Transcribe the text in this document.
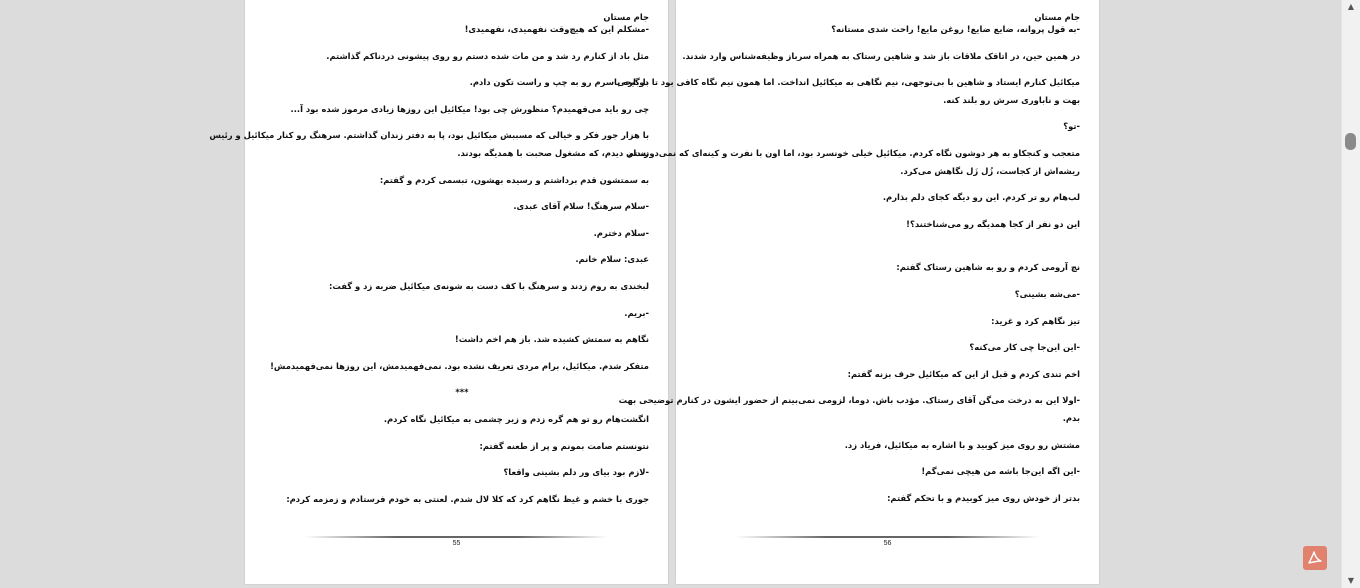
جام مستان

-مشکلم این که هیچ‌وقت نفهمیدی، نفهمیدی!

مثل باد از کنارم رد شد و من مات شده دستم رو روی پیشونی دردناکم گذاشتم.

با گیجی سرم رو به چپ و راست تکون دادم.

چی رو باید می‌فهمیدم؟ منظورش چی بود! میکائیل این روزها زیادی مرموز شده بود آ...

با هزار جور فکر و خیالی که مسببش میکائیل بود، پا به دفتر زندان گذاشتم. سرهنگ رو کنار میکائیل و رئیس

زندان دیدم، که مشغول صحبت با همدیگه بودند.

به سمتشون قدم برداشتم و رسیده بهشون، تبسمی کردم و گفتم:

-سلام سرهنگ! سلام آقای عبدی.

-سلام دخترم.

عبدی: سلام خانم.

لبخندی به روم زدند و سرهنگ با کف دست به شونه‌ی میکائیل ضربه زد و گفت:

-بریم.

نگاهم به سمتش کشیده شد. باز هم اخم داشت!

متفکر شدم. میکائیل، برام مردی تعریف نشده بود. نمی‌فهمیدمش، این روزها نمی‌فهمیدمش!

***

انگشت‌هام رو تو هم گره زدم و زیر چشمی به میکائیل نگاه کردم.

نتونستم صامت بمونم و پر از طعنه گفتم:

-لازم بود بیای ور دلم بشینی واقعا؟

جوری با خشم و غیظ نگاهم کرد که کلا لال شدم. لعنتی به خودم فرستادم و زمزمه کردم:

55

جام مستان

-به قول پروانه، ضایع ضایع! روغن مایع! راحت شدی مستانه؟

در همین حین، در اتاقک ملاقات باز شد و شاهین رستاک به همراه سرباز وظیفه‌شناس وارد شدند.

میکائیل کنارم ایستاد و شاهین با بی‌توجهی، نیم نگاهی به میکائیل انداخت. اما همون نیم نگاه کافی بود تا دوباره با

بهت و ناباوری سرش رو بلند کنه.

-تو؟

متعجب و کنجکاو به هر دوشون نگاه کردم. میکائیل خیلی خونسرد بود، اما اون با نفرت و کینه‌ای که نمی‌دونستم

ریشه‌اش از کجاست، زُل زَل نگاهش می‌کرد.

لب‌هام رو تر کردم. این رو دیگه کجای دلم بذارم.

این دو نفر از کجا همدیگه رو می‌شناختند؟!

نچ آرومی کردم و رو به شاهین رستاک گفتم:

-می‌شه بشینی؟

تیز نگاهم کرد و غرید:

-این این‌جا چی کار می‌کنه؟

اخم تندی کردم و قبل از این که میکائیل حرف بزنه گفتم:

-اولا این به درخت می‌گن آقای رستاک. مؤدب باش. دوما، لزومی نمی‌بینم از حضور ایشون در کنارم توضیحی بهت

بدم.

مشتش رو روی میز کوبید و با اشاره به میکائیل، فریاد زد.

-این اگه این‌جا باشه من هیچی نمی‌گم!

بدتر از خودش روی میز کوبیدم و با تحکم گفتم:

56
▲
▼
